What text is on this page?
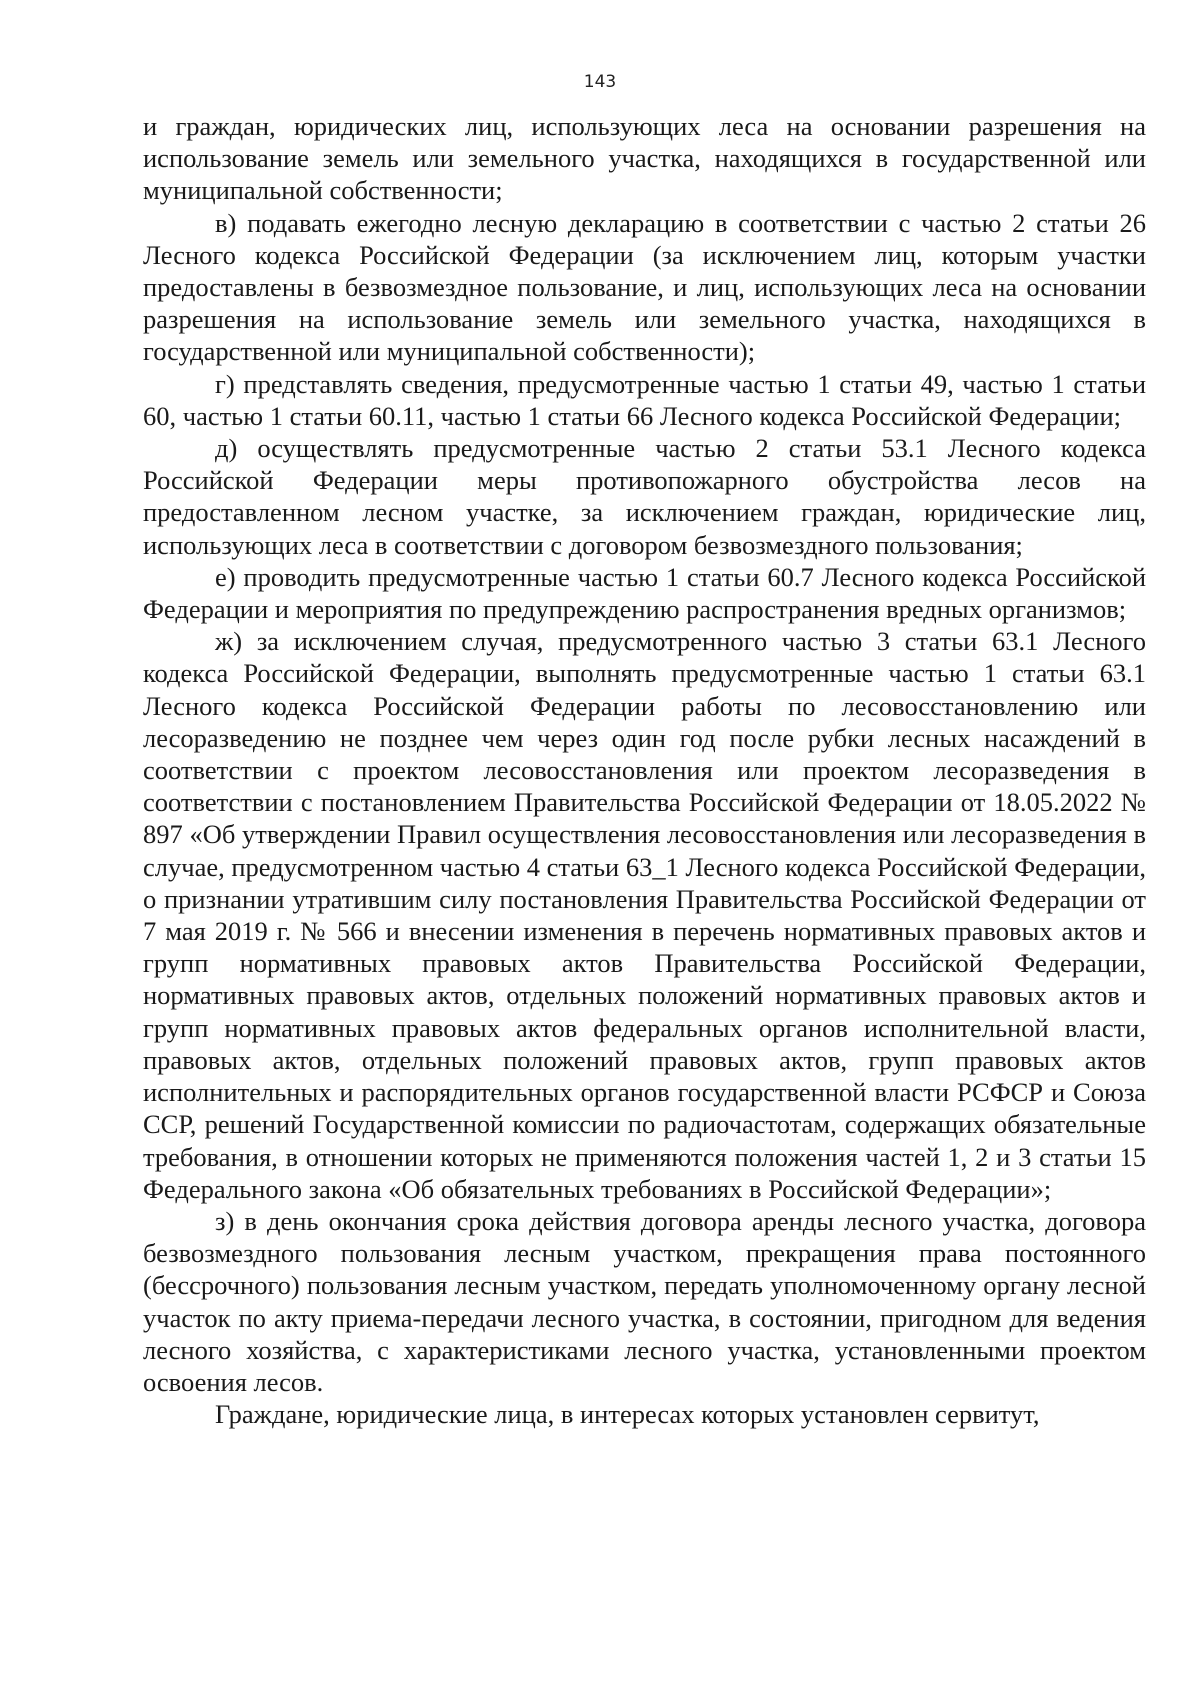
143

и граждан, юридических лиц, использующих леса на основании разрешения на использование земель или земельного участка, находящихся в государственной или муниципальной собственности;

в) подавать ежегодно лесную декларацию в соответствии с частью 2 статьи 26 Лесного кодекса Российской Федерации (за исключением лиц, которым участки предоставлены в безвозмездное пользование, и лиц, использующих леса на основании разрешения на использование земель или земельного участка, находящихся в государственной или муниципальной собственности);

г) представлять сведения, предусмотренные частью 1 статьи 49, частью 1 статьи 60, частью 1 статьи 60.11, частью 1 статьи 66 Лесного кодекса Российской Федерации;

д) осуществлять предусмотренные частью 2 статьи 53.1 Лесного кодекса Российской Федерации меры противопожарного обустройства лесов на предоставленном лесном участке, за исключением граждан, юридические лиц, использующих леса в соответствии с договором безвозмездного пользования;

е) проводить предусмотренные частью 1 статьи 60.7 Лесного кодекса Российской Федерации и мероприятия по предупреждению распространения вредных организмов;

ж) за исключением случая, предусмотренного частью 3 статьи 63.1 Лесного кодекса Российской Федерации, выполнять предусмотренные частью 1 статьи 63.1 Лесного кодекса Российской Федерации работы по лесовосстановлению или лесоразведению не позднее чем через один год после рубки лесных насаждений в соответствии с проектом лесовосстановления или проектом лесоразведения в соответствии с постановлением Правительства Российской Федерации от 18.05.2022 № 897 «Об утверждении Правил осуществления лесовосстановления или лесоразведения в случае, предусмотренном частью 4 статьи 63_1 Лесного кодекса Российской Федерации, о признании утратившим силу постановления Правительства Российской Федерации от 7 мая 2019 г. № 566 и внесении изменения в перечень нормативных правовых актов и групп нормативных правовых актов Правительства Российской Федерации, нормативных правовых актов, отдельных положений нормативных правовых актов и групп нормативных правовых актов федеральных органов исполнительной власти, правовых актов, отдельных положений правовых актов, групп правовых актов исполнительных и распорядительных органов государственной власти РСФСР и Союза ССР, решений Государственной комиссии по радиочастотам, содержащих обязательные требования, в отношении которых не применяются положения частей 1, 2 и 3 статьи 15 Федерального закона «Об обязательных требованиях в Российской Федерации»;

з) в день окончания срока действия договора аренды лесного участка, договора безвозмездного пользования лесным участком, прекращения права постоянного (бессрочного) пользования лесным участком, передать уполномоченному органу лесной участок по акту приема-передачи лесного участка, в состоянии, пригодном для ведения лесного хозяйства, с характеристиками лесного участка, установленными проектом освоения лесов.

Граждане, юридические лица, в интересах которых установлен сервитут,
